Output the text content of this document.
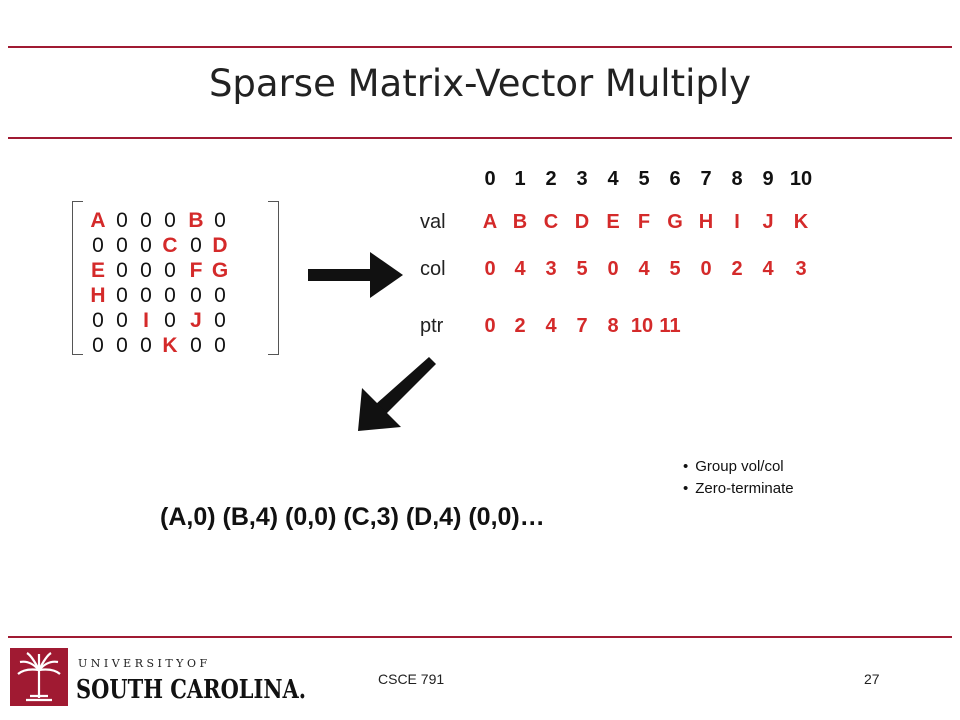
Sparse Matrix-Vector Multiply
A 0 0 0 B 0
0 0 0 C 0 D
E 0 0 0 F G
H 0 0 0 0 0
0 0 I 0 J 0
0 0 0 K 0 0
0 1 2 3 4 5 6 7 8 9 10
val	A B C D E F G H	I	J	K
col	0 4 3 5 0 4 5 0 2 4	3
ptr	0 2 4 7 8 10 11
(A,0) (B,4) (0,0) (C,3) (D,4) (0,0)…
• Group vol/col
• Zero-terminate
U N I V E R S I T Y O F
SOUTH CAROLINA.	CSCE 791	27
